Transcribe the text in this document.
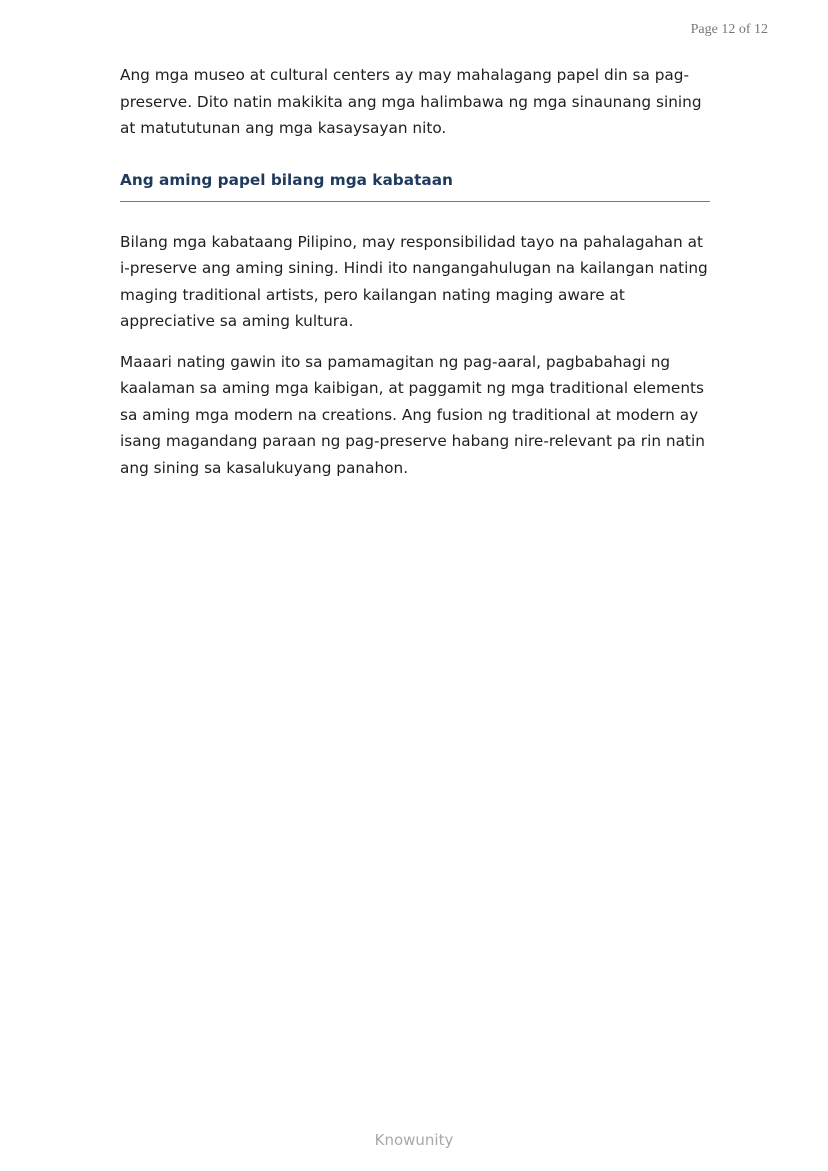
Page 12 of 12

Ang mga museo at cultural centers ay may mahalagang papel din sa pag-preserve. Dito natin makikita ang mga halimbawa ng mga sinaunang sining at matututunan ang mga kasaysayan nito.

Ang aming papel bilang mga kabataan

Bilang mga kabataang Pilipino, may responsibilidad tayo na pahalagahan at i-preserve ang aming sining. Hindi ito nangangahulugan na kailangan nating maging traditional artists, pero kailangan nating maging aware at appreciative sa aming kultura.

Maaari nating gawin ito sa pamamagitan ng pag-aaral, pagbabahagi ng kaalaman sa aming mga kaibigan, at paggamit ng mga traditional elements sa aming mga modern na creations. Ang fusion ng traditional at modern ay isang magandang paraan ng pag-preserve habang nire-relevant pa rin natin ang sining sa kasalukuyang panahon.

Knowunity
